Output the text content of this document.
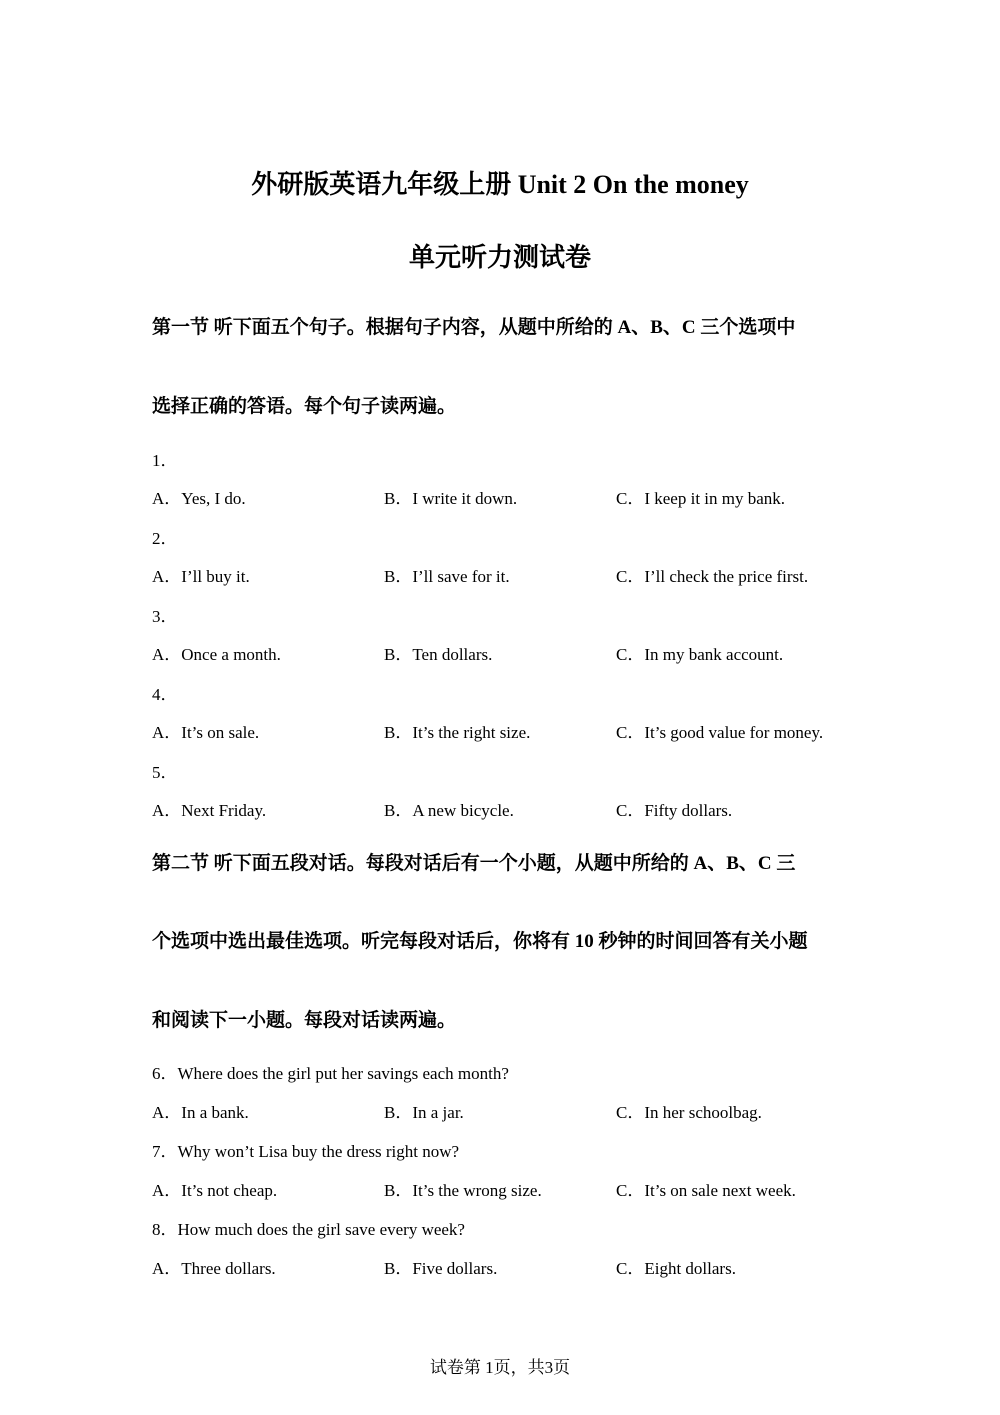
外研版英语九年级上册 Unit 2 On the money
单元听力测试卷
第一节 听下面五个句子。根据句子内容，从题中所给的 A、B、C 三个选项中
选择正确的答语。每个句子读两遍。
1．
A．Yes, I do.	B．I write it down.	C．I keep it in my bank.
2．
A．I’ll buy it.	B．I’ll save for it.	C．I’ll check the price first.
3．
A．Once a month.	B．Ten dollars.	C．In my bank account.
4．
A．It’s on sale.	B．It’s the right size.	C．It’s good value for money.
5．
A．Next Friday.	B．A new bicycle.	C．Fifty dollars.
第二节 听下面五段对话。每段对话后有一个小题，从题中所给的 A、B、C 三
个选项中选出最佳选项。听完每段对话后，你将有 10 秒钟的时间回答有关小题
和阅读下一小题。每段对话读两遍。
6．Where does the girl put her savings each month?
A．In a bank.	B．In a jar.	C．In her schoolbag.
7．Why won’t Lisa buy the dress right now?
A．It’s not cheap.	B．It’s the wrong size.	C．It’s on sale next week.
8．How much does the girl save every week?
A．Three dollars.	B．Five dollars.	C．Eight dollars.
试卷第 1页，共3页
